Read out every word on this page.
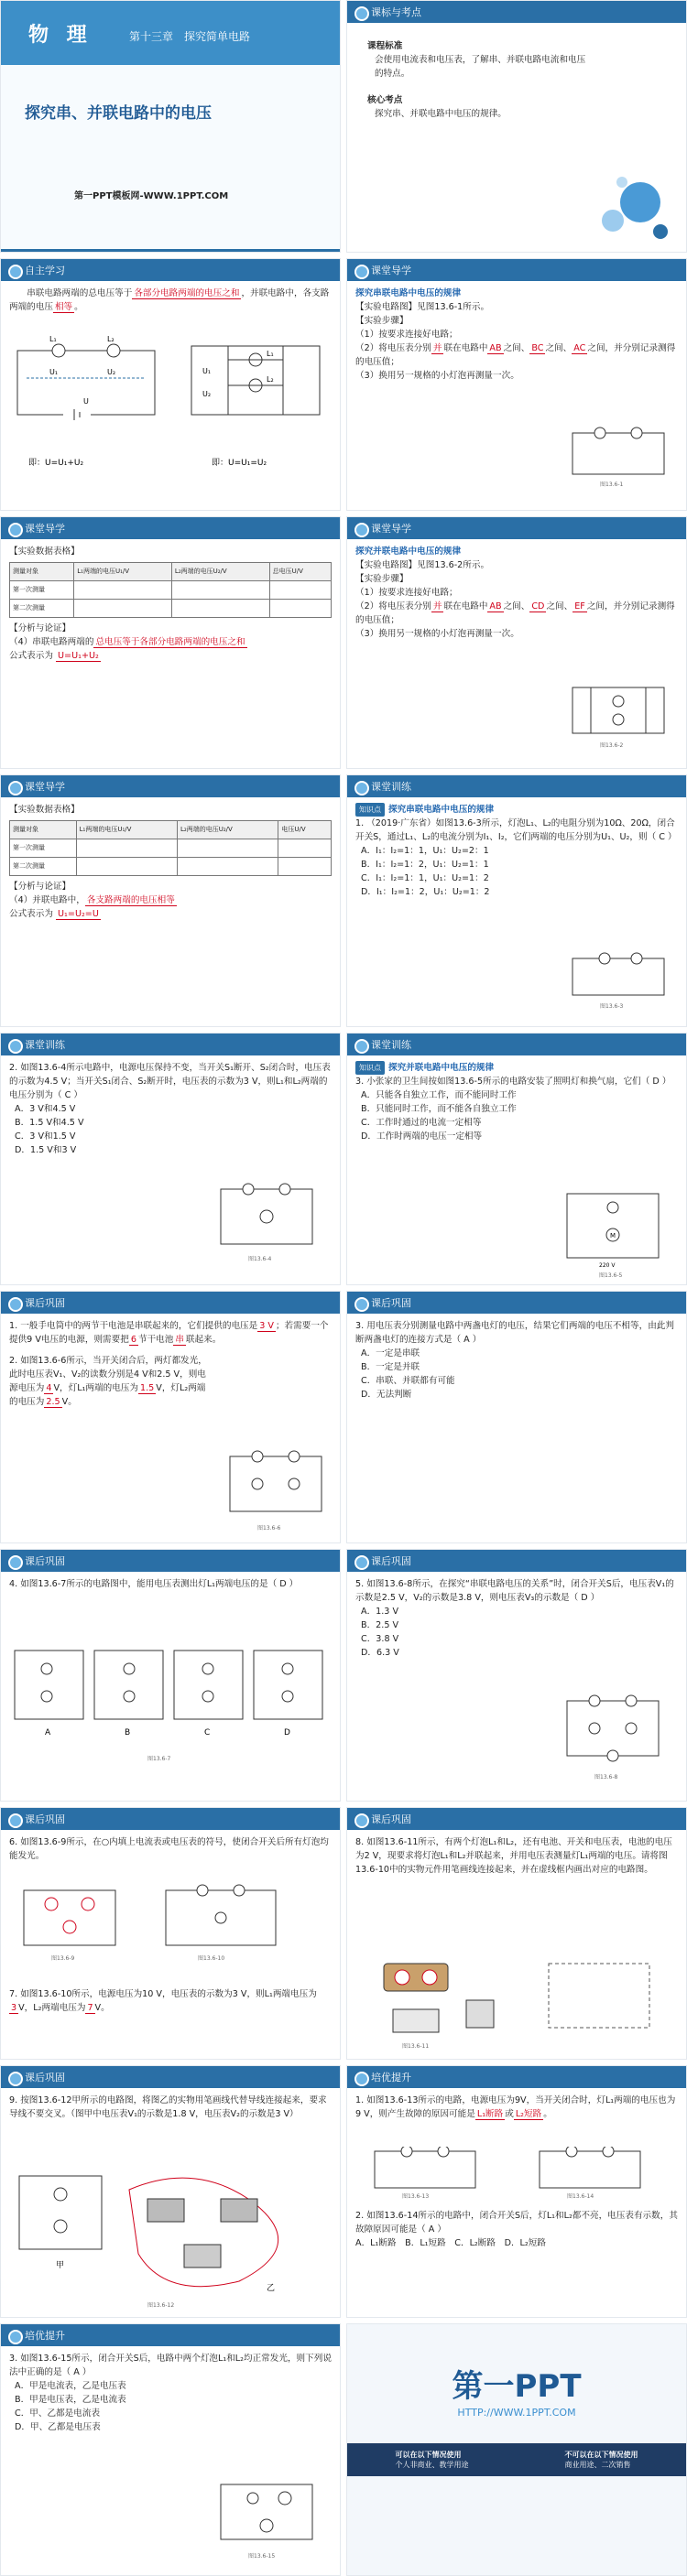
物 理	第十三章　探究简单电路
探究串、并联电路中的电压
第一PPT模板网-WWW.1PPT.COM
课标与考点
课程标准
会使用电流表和电压表，了解串、并联电路电流和电压的特点。
核心考点
探究串、并联电路中电压的规律。
自主学习
串联电路两端的总电压等于 各部分电路两端的电压之和 ，并联电路中，各支路两端的电压 相等 。
L₁	L₂
U₁	U₂
U
L₁
L₂
U₁
U₂
即：U=U₁+U₂	即：U=U₁=U₂
课堂导学
探究串联电路中电压的规律
【实验电路图】见图13.6-1所示。
【实验步骤】
（1）按要求连接好电路；
（2）将电压表分别 并 联在电路中 AB 之间、 BC 之间、 AC 之间，并分别记录测得的电压值；
（3）换用另一规格的小灯泡再测量一次。
图13.6-1
课堂导学
【实验数据表格】
测量对象	L₁两端的电压U₁/V	L₂两端的电压U₂/V	总电压U/V
第一次测量			
第二次测量			
【分析与论证】
（4）串联电路两端的 总电压等于各部分电路两端的电压之和
公式表示为 U=U₁+U₂
课堂导学
探究并联电路中电压的规律
【实验电路图】见图13.6-2所示。
【实验步骤】
（1）按要求连接好电路；
（2）将电压表分别 并 联在电路中 AB 之间、 CD 之间、 EF 之间，并分别记录测得的电压值；
（3）换用另一规格的小灯泡再测量一次。
图13.6-2
课堂导学
【实验数据表格】
测量对象	L₁两端的电压U₁/V	L₂两端的电压U₂/V	电压U/V
第一次测量			
第二次测量			
【分析与论证】
（4）并联电路中， 各支路两端的电压相等
公式表示为 U₁=U₂=U
课堂训练
知识点 探究串联电路中电压的规律
1. （2019·广东省）如图13.6-3所示，灯泡L₁、L₂的电阻分别为10Ω、20Ω，闭合开关S，通过L₁、L₂的电流分别为I₁、I₂，它们两端的电压分别为U₁、U₂，则（ C ）
A．I₁：I₂=1：1，U₁：U₂=2：1
B．I₁：I₂=1：2，U₁：U₂=1：1
C．I₁：I₂=1：1，U₁：U₂=1：2
D．I₁：I₂=1：2，U₁：U₂=1：2
图13.6-3
课堂训练
2. 如图13.6-4所示电路中，电源电压保持不变，当开关S₁断开、S₂闭合时，电压表的示数为4.5 V；当开关S₁闭合、S₂断开时，电压表的示数为3 V，则L₁和L₂两端的电压分别为（ C ）
A．3 V和4.5 V
B．1.5 V和4.5 V
C．3 V和1.5 V
D．1.5 V和3 V
图13.6-4
课堂训练
知识点 探究并联电路中电压的规律
3. 小张家的卫生间按如图13.6-5所示的电路安装了照明灯和换气扇，它们（ D ）
A．只能各自独立工作，而不能同时工作
B．只能同时工作，而不能各自独立工作
C．工作时通过的电流一定相等
D．工作时两端的电压一定相等
M
220 V
图13.6-5
课后巩固
1. 一般手电筒中的两节干电池是串联起来的，它们提供的电压是 3 V ；若需要一个提供9 V电压的电源，则需要把 6 节干电池 串 联起来。
2. 如图13.6-6所示，当开关闭合后，两灯都发光，此时电压表V₁、V₂的读数分别是4 V和2.5 V，则电源电压为 4 V，灯L₁两端的电压为 1.5 V，灯L₂两端的电压为 2.5 V。
图13.6-6
课后巩固
3. 用电压表分别测量电路中两盏电灯的电压，结果它们两端的电压不相等，由此判断两盏电灯的连接方式是（ A ）
A．一定是串联
B．一定是并联
C．串联、并联都有可能
D．无法判断
课后巩固
4. 如图13.6-7所示的电路图中，能用电压表测出灯L₁两端电压的是（ D ）
A	B	C	D
图13.6-7
课后巩固
5. 如图13.6-8所示，在探究“串联电路电压的关系”时，闭合开关S后，电压表V₁的示数是2.5 V，V₂的示数是3.8 V，则电压表V₃的示数是（ D ）
A．1.3 V
B．2.5 V
C．3.8 V
D．6.3 V
图13.6-8
课后巩固
6. 如图13.6-9所示，在○内填上电流表或电压表的符号，使闭合开关后所有灯泡均能发光。
图13.6-9	图13.6-10
7. 如图13.6-10所示，电源电压为10 V，电压表的示数为3 V，则L₁两端电压为3 V，L₂两端电压为 7 V。
课后巩固
8. 如图13.6-11所示，有两个灯泡L₁和L₂，还有电池、开关和电压表，电池的电压为2 V，现要求将灯泡L₁和L₂并联起来，并用电压表测量灯L₁两端的电压。请将图13.6-10中的实物元件用笔画线连接起来，并在虚线框内画出对应的电路图。
图13.6-11
课后巩固
9. 按图13.6-12甲所示的电路图，将图乙的实物用笔画线代替导线连接起来，要求导线不要交叉。（图甲中电压表V₁的示数是1.8 V，电压表V₂的示数是3 V）
甲
乙
图13.6-12
培优提升
1. 如图13.6-13所示的电路，电源电压为9V，当开关闭合时，灯L₁两端的电压也为9 V，则产生故障的原因可能是 L₁断路 或 L₂短路 。
图13.6-13	图13.6-14
2. 如图13.6-14所示的电路中，闭合开关S后，灯L₁和L₂都不亮，电压表有示数，其故障原因可能是（ A ）
A．L₁断路　 B．L₁短路　 C．L₂断路　 D．L₂短路
培优提升
3. 如图13.6-15所示，闭合开关S后，电路中两个灯泡L₁和L₂均正常发光，则下列说法中正确的是（ A ）
A．甲是电流表，乙是电压表
B．甲是电压表，乙是电流表
C．甲、乙都是电流表
D．甲、乙都是电压表
图13.6-15
第一PPT
HTTP://WWW.1PPT.COM
可以在以下情况使用
个人非商业、教学用途
不可以在以下情况使用
商业用途、二次销售
